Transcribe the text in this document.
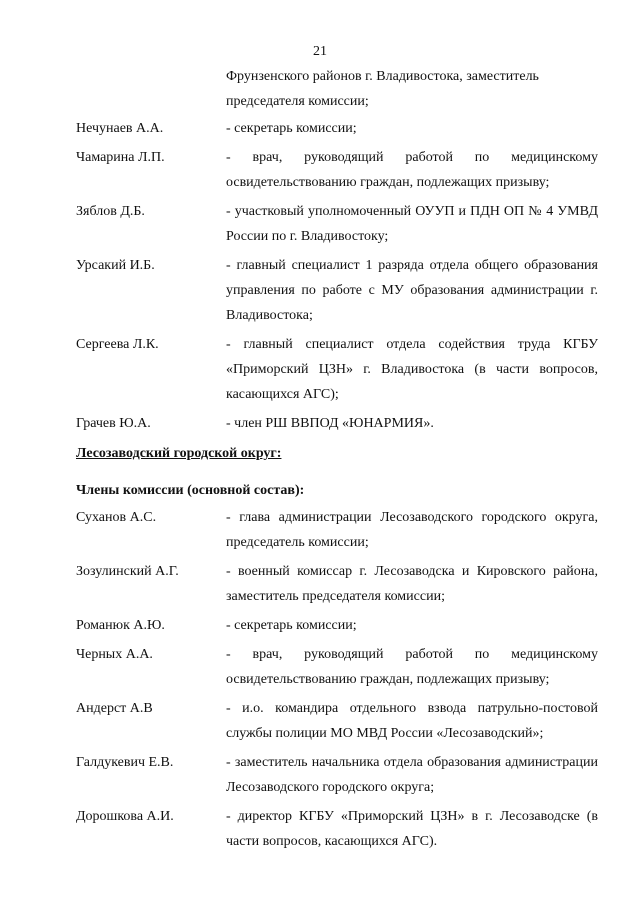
21
Фрунзенского районов г. Владивостока, заместитель председателя комиссии;
Нечунаев А.А.	- секретарь комиссии;
Чамарина Л.П.	- врач, руководящий работой по медицинскому освидетельствованию граждан, подлежащих призыву;
Зяблов Д.Б.	- участковый уполномоченный ОУУП и ПДН ОП № 4 УМВД России по г. Владивостоку;
Урсакий И.Б.	- главный специалист 1 разряда отдела общего образования управления по работе с МУ образования администрации г. Владивостока;
Сергеева Л.К.	- главный специалист отдела содействия труда КГБУ «Приморский ЦЗН» г. Владивостока (в части вопросов, касающихся АГС);
Грачев Ю.А.	- член РШ ВВПОД «ЮНАРМИЯ».
Лесозаводский городской округ:
Члены комиссии (основной состав):
Суханов А.С.	- глава администрации Лесозаводского городского округа, председатель комиссии;
Зозулинский А.Г.	- военный комиссар г. Лесозаводска и Кировского района, заместитель председателя комиссии;
Романюк А.Ю.	- секретарь комиссии;
Черных А.А.	- врач, руководящий работой по медицинскому освидетельствованию граждан, подлежащих призыву;
Андерст А.В	- и.о. командира отдельного взвода патрульно-постовой службы полиции МО МВД России «Лесозаводский»;
Галдукевич Е.В.	- заместитель начальника отдела образования администрации Лесозаводского городского округа;
Дорошкова А.И.	- директор КГБУ «Приморский ЦЗН» в г. Лесозаводске (в части вопросов, касающихся АГС).
